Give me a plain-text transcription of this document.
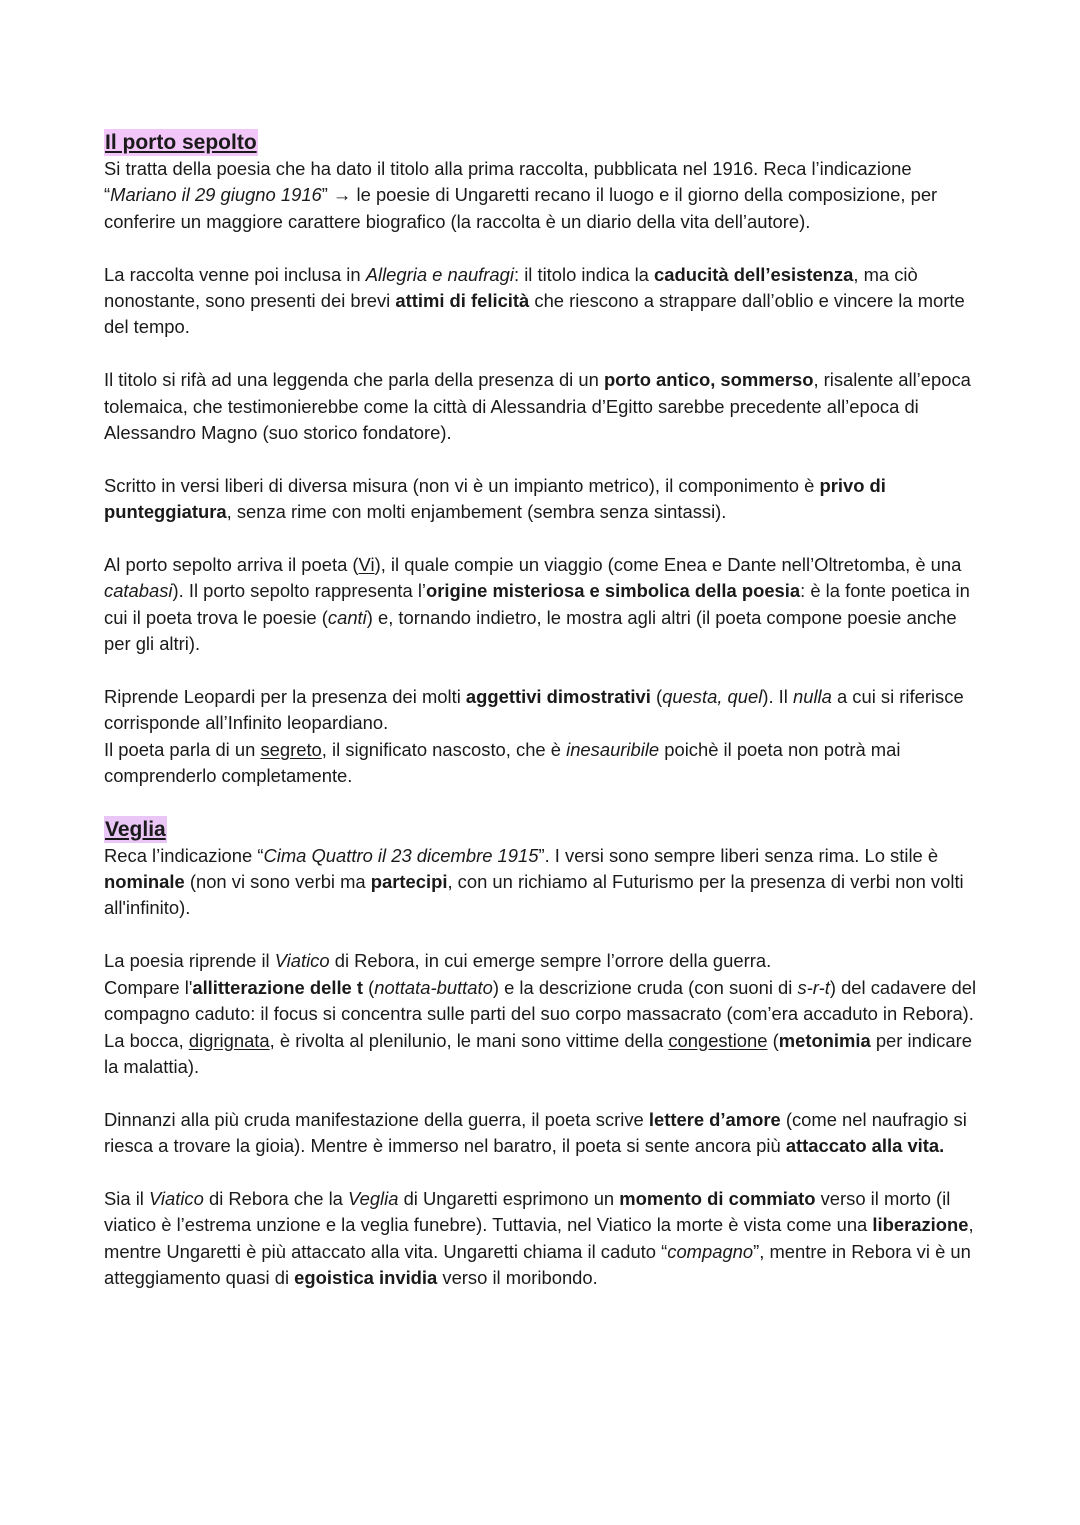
Il porto sepolto

Si tratta della poesia che ha dato il titolo alla prima raccolta, pubblicata nel 1916. Reca l’indicazione “Mariano il 29 giugno 1916” → le poesie di Ungaretti recano il luogo e il giorno della composizione, per conferire un maggiore carattere biografico (la raccolta è un diario della vita dell’autore).

La raccolta venne poi inclusa in Allegria e naufragi: il titolo indica la caducità dell’esistenza, ma ciò nonostante, sono presenti dei brevi attimi di felicità che riescono a strappare dall’oblio e vincere la morte del tempo.

Il titolo si rifà ad una leggenda che parla della presenza di un porto antico, sommerso, risalente all’epoca tolemaica, che testimonierebbe come la città di Alessandria d’Egitto sarebbe precedente all’epoca di Alessandro Magno (suo storico fondatore).

Scritto in versi liberi di diversa misura (non vi è un impianto metrico), il componimento è privo di punteggiatura, senza rime con molti enjambement (sembra senza sintassi).

Al porto sepolto arriva il poeta (Vi), il quale compie un viaggio (come Enea e Dante nell’Oltretomba, è una catabasi). Il porto sepolto rappresenta l’origine misteriosa e simbolica della poesia: è la fonte poetica in cui il poeta trova le poesie (canti) e, tornando indietro, le mostra agli altri (il poeta compone poesie anche per gli altri).

Riprende Leopardi per la presenza dei molti aggettivi dimostrativi (questa, quel). Il nulla a cui si riferisce corrisponde all’Infinito leopardiano.

Il poeta parla di un segreto, il significato nascosto, che è inesauribile poichè il poeta non potrà mai comprenderlo completamente.

Veglia

Reca l’indicazione “Cima Quattro il 23 dicembre 1915”. I versi sono sempre liberi senza rima. Lo stile è nominale (non vi sono verbi ma partecipi, con un richiamo al Futurismo per la presenza di verbi non volti all'infinito).

La poesia riprende il Viatico di Rebora, in cui emerge sempre l’orrore della guerra.

Compare l'allitterazione delle t (nottata-buttato) e la descrizione cruda (con suoni di s-r-t) del cadavere del compagno caduto: il focus si concentra sulle parti del suo corpo massacrato (com’era accaduto in Rebora).

La bocca, digrignata, è rivolta al plenilunio, le mani sono vittime della congestione (metonimia per indicare la malattia).

Dinnanzi alla più cruda manifestazione della guerra, il poeta scrive lettere d’amore (come nel naufragio si riesca a trovare la gioia). Mentre è immerso nel baratro, il poeta si sente ancora più attaccato alla vita.

Sia il Viatico di Rebora che la Veglia di Ungaretti esprimono un momento di commiato verso il morto (il viatico è l’estrema unzione e la veglia funebre). Tuttavia, nel Viatico la morte è vista come una liberazione, mentre Ungaretti è più attaccato alla vita. Ungaretti chiama il caduto “compagno”, mentre in Rebora vi è un atteggiamento quasi di egoistica invidia verso il moribondo.
